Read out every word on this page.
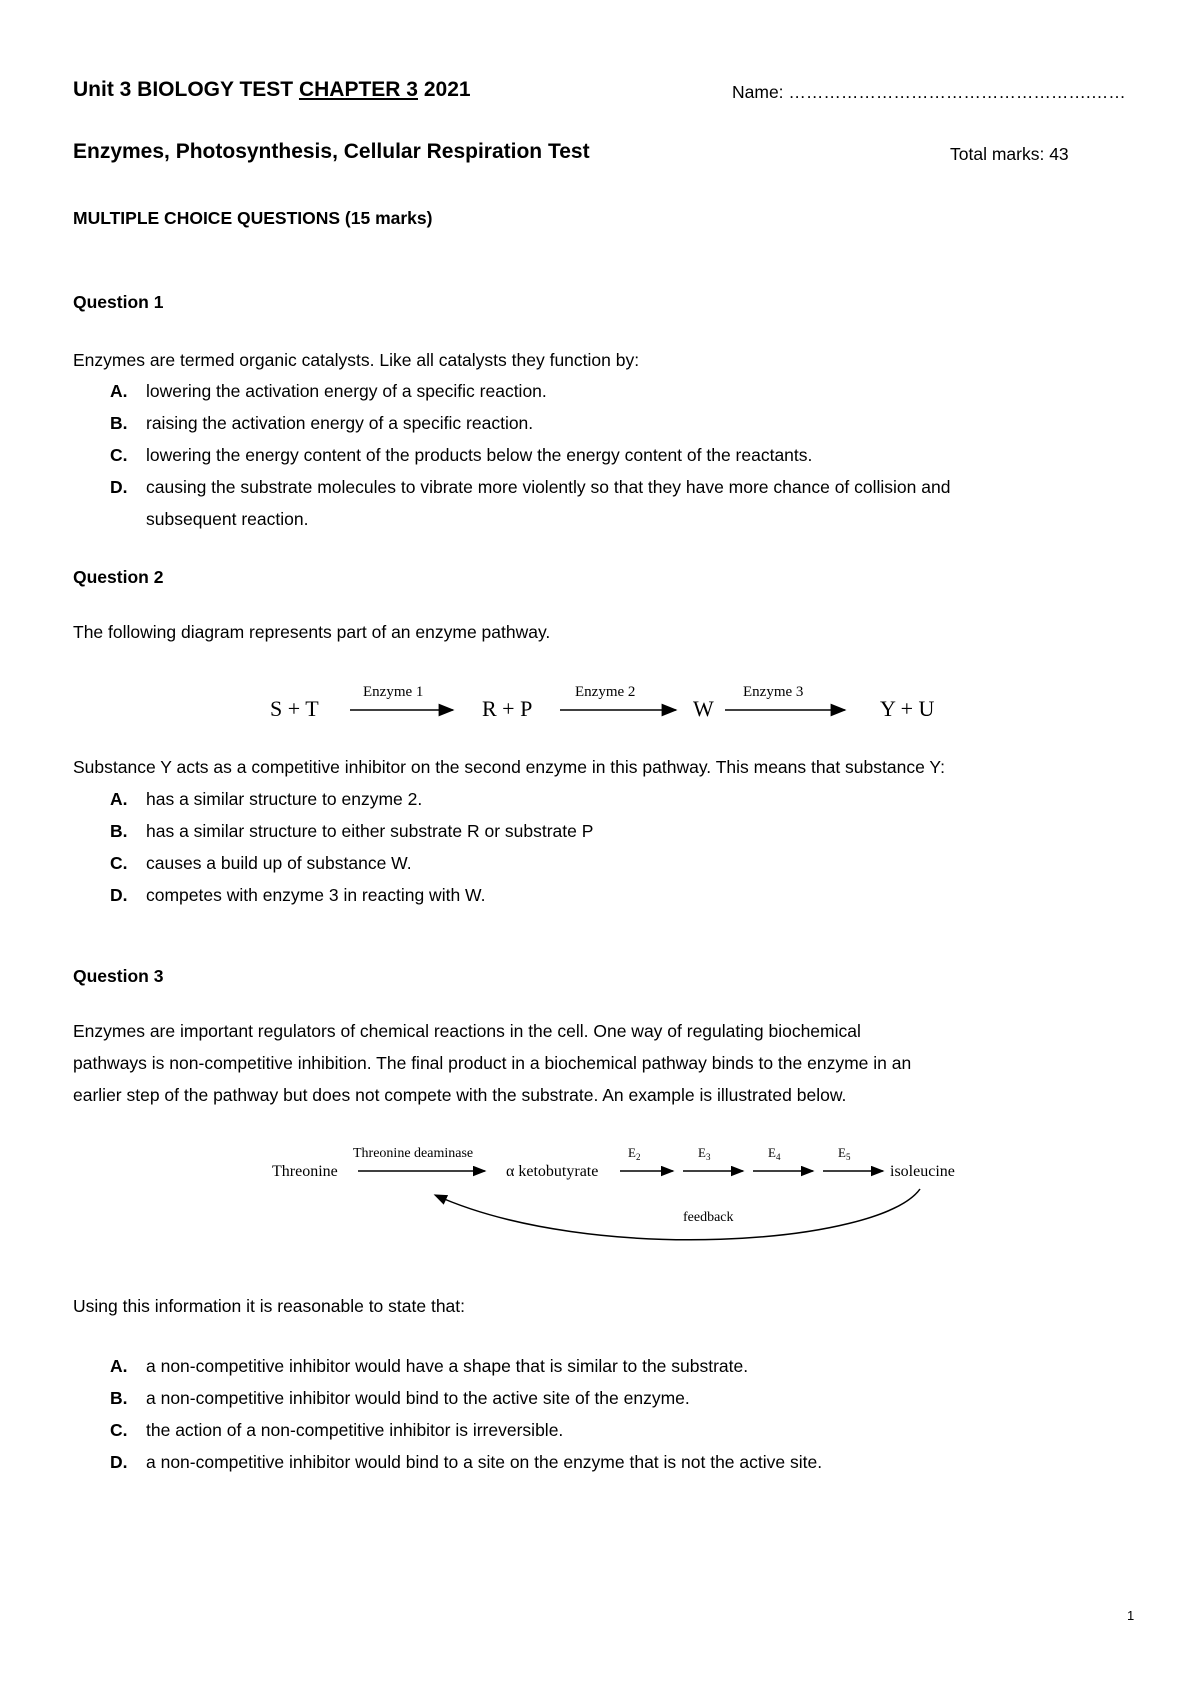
Unit 3 BIOLOGY TEST CHAPTER 3 2021	Name: …………………………………………….……
Enzymes, Photosynthesis, Cellular Respiration Test	Total marks: 43
MULTIPLE CHOICE QUESTIONS (15 marks)
Question 1
Enzymes are termed organic catalysts. Like all catalysts they function by:
A. lowering the activation energy of a specific reaction.
B. raising the activation energy of a specific reaction.
C. lowering the energy content of the products below the energy content of the reactants.
D. causing the substrate molecules to vibrate more violently so that they have more chance of collision and
subsequent reaction.
Question 2
The following diagram represents part of an enzyme pathway.
S + T
Enzyme 1
R + P
Enzyme 2
W
Enzyme 3
Y + U
Substance Y acts as a competitive inhibitor on the second enzyme in this pathway. This means that substance Y:
A. has a similar structure to enzyme 2.
B. has a similar structure to either substrate R or substrate P
C. causes a build up of substance W.
D. competes with enzyme 3 in reacting with W.
Question 3
Enzymes are important regulators of chemical reactions in the cell. One way of regulating biochemical
pathways is non-competitive inhibition. The final product in a biochemical pathway binds to the enzyme in an
earlier step of the pathway but does not compete with the substrate. An example is illustrated below.
Threonine
Threonine deaminase
α ketobutyrate
$E_2$	$E_3$	$E_4$	$E_5$
isoleucine
feedback
Using this information it is reasonable to state that:
A. a non-competitive inhibitor would have a shape that is similar to the substrate.
B. a non-competitive inhibitor would bind to the active site of the enzyme.
C. the action of a non-competitive inhibitor is irreversible.
D. a non-competitive inhibitor would bind to a site on the enzyme that is not the active site.
1
